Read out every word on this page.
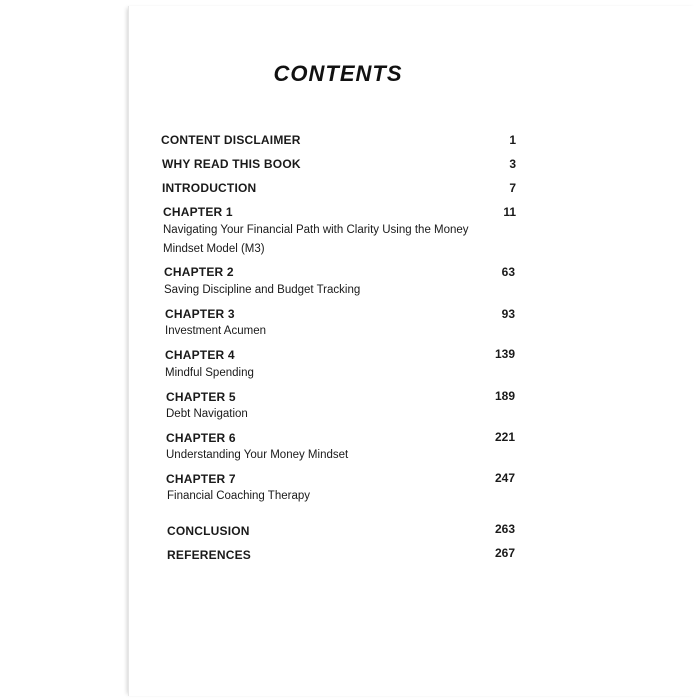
CONTENTS
CONTENT DISCLAIMER	1
WHY READ THIS BOOK	3
INTRODUCTION	7
CHAPTER 1	11
Navigating Your Financial Path with Clarity Using the Money Mindset Model (M3)
CHAPTER 2	63
Saving Discipline and Budget Tracking
CHAPTER 3	93
Investment Acumen
CHAPTER 4	139
Mindful Spending
CHAPTER 5	189
Debt Navigation
CHAPTER 6	221
Understanding Your Money Mindset
CHAPTER 7	247
Financial Coaching Therapy
CONCLUSION	263
REFERENCES	267
